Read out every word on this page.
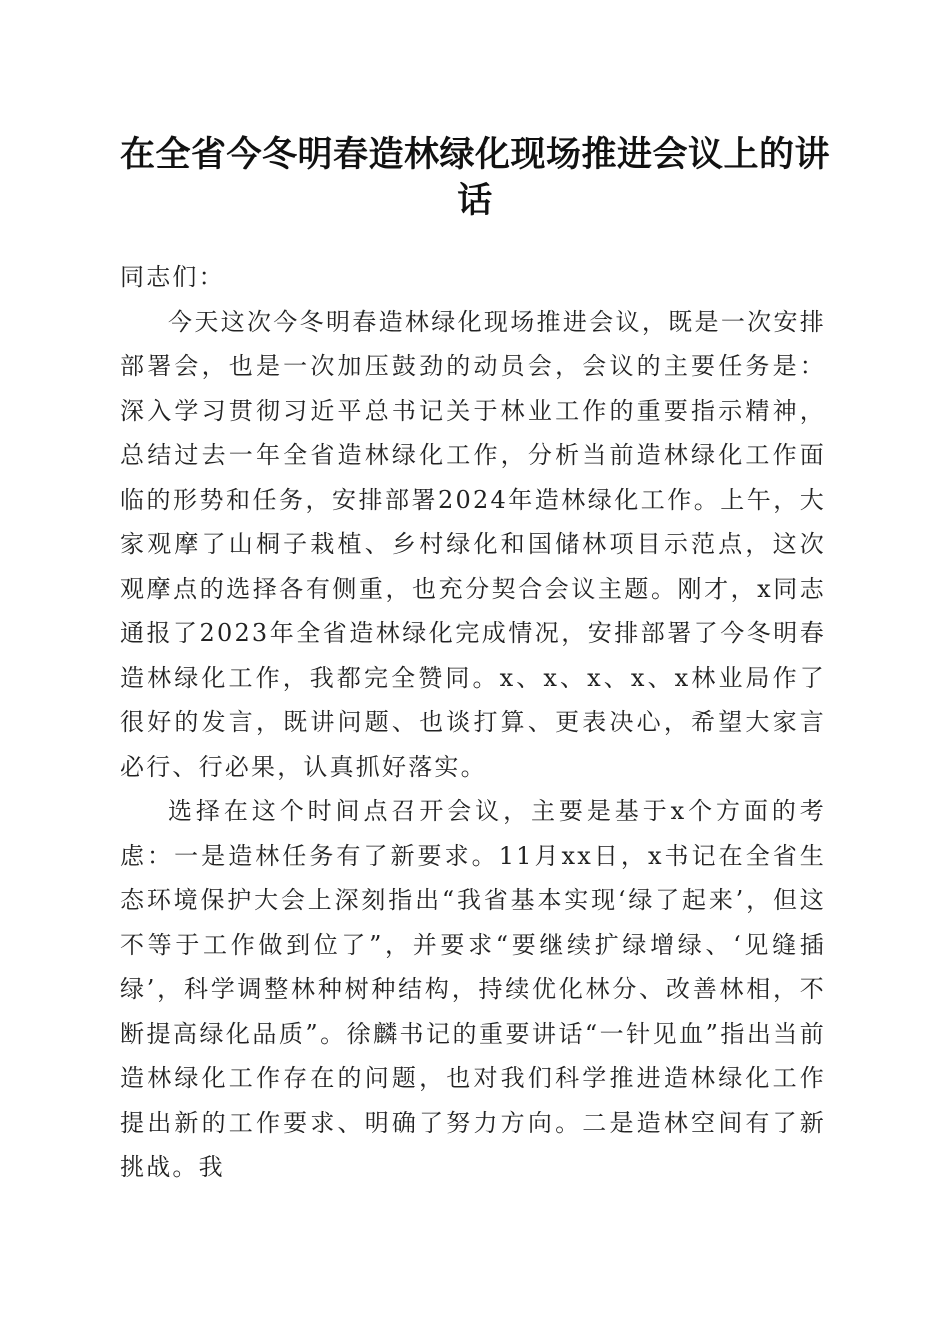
在全省今冬明春造林绿化现场推进会议上的讲话

同志们：

今天这次今冬明春造林绿化现场推进会议，既是一次安排部署会，也是一次加压鼓劲的动员会，会议的主要任务是：深入学习贯彻习近平总书记关于林业工作的重要指示精神，总结过去一年全省造林绿化工作，分析当前造林绿化工作面临的形势和任务，安排部署2024年造林绿化工作。上午，大家观摩了山桐子栽植、乡村绿化和国储林项目示范点，这次观摩点的选择各有侧重，也充分契合会议主题。刚才，x同志通报了2023年全省造林绿化完成情况，安排部署了今冬明春造林绿化工作，我都完全赞同。x、x、x、x、x林业局作了很好的发言，既讲问题、也谈打算、更表决心，希望大家言必行、行必果，认真抓好落实。

选择在这个时间点召开会议，主要是基于x个方面的考虑：一是造林任务有了新要求。11月xx日，x书记在全省生态环境保护大会上深刻指出“我省基本实现‘绿了起来’，但这不等于工作做到位了”，并要求“要继续扩绿增绿、‘见缝插绿’，科学调整林种树种结构，持续优化林分、改善林相，不断提高绿化品质”。徐麟书记的重要讲话“一针见血”指出当前造林绿化工作存在的问题，也对我们科学推进造林绿化工作提出新的工作要求、明确了努力方向。二是造林空间有了新挑战。我
